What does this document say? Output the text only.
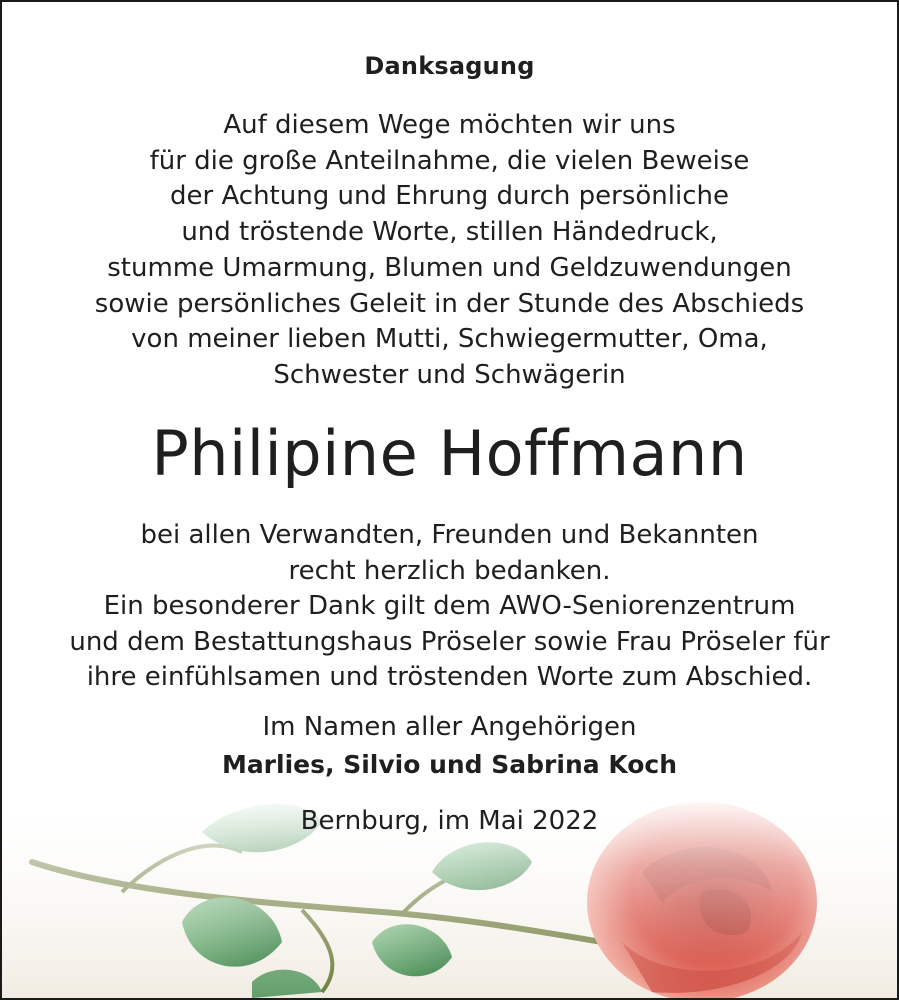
Danksagung
Auf diesem Wege möchten wir uns
für die große Anteilnahme, die vielen Beweise
der Achtung und Ehrung durch persönliche
und tröstende Worte, stillen Händedruck,
stumme Umarmung, Blumen und Geldzuwendungen
sowie persönliches Geleit in der Stunde des Abschieds
von meiner lieben Mutti, Schwiegermutter, Oma,
Schwester und Schwägerin
Philipine Hoffmann
bei allen Verwandten, Freunden und Bekannten
recht herzlich bedanken.
Ein besonderer Dank gilt dem AWO-Seniorenzentrum
und dem Bestattungshaus Pröseler sowie Frau Pröseler für
ihre einfühlsamen und tröstenden Worte zum Abschied.
Im Namen aller Angehörigen
Marlies, Silvio und Sabrina Koch
Bernburg, im Mai 2022
